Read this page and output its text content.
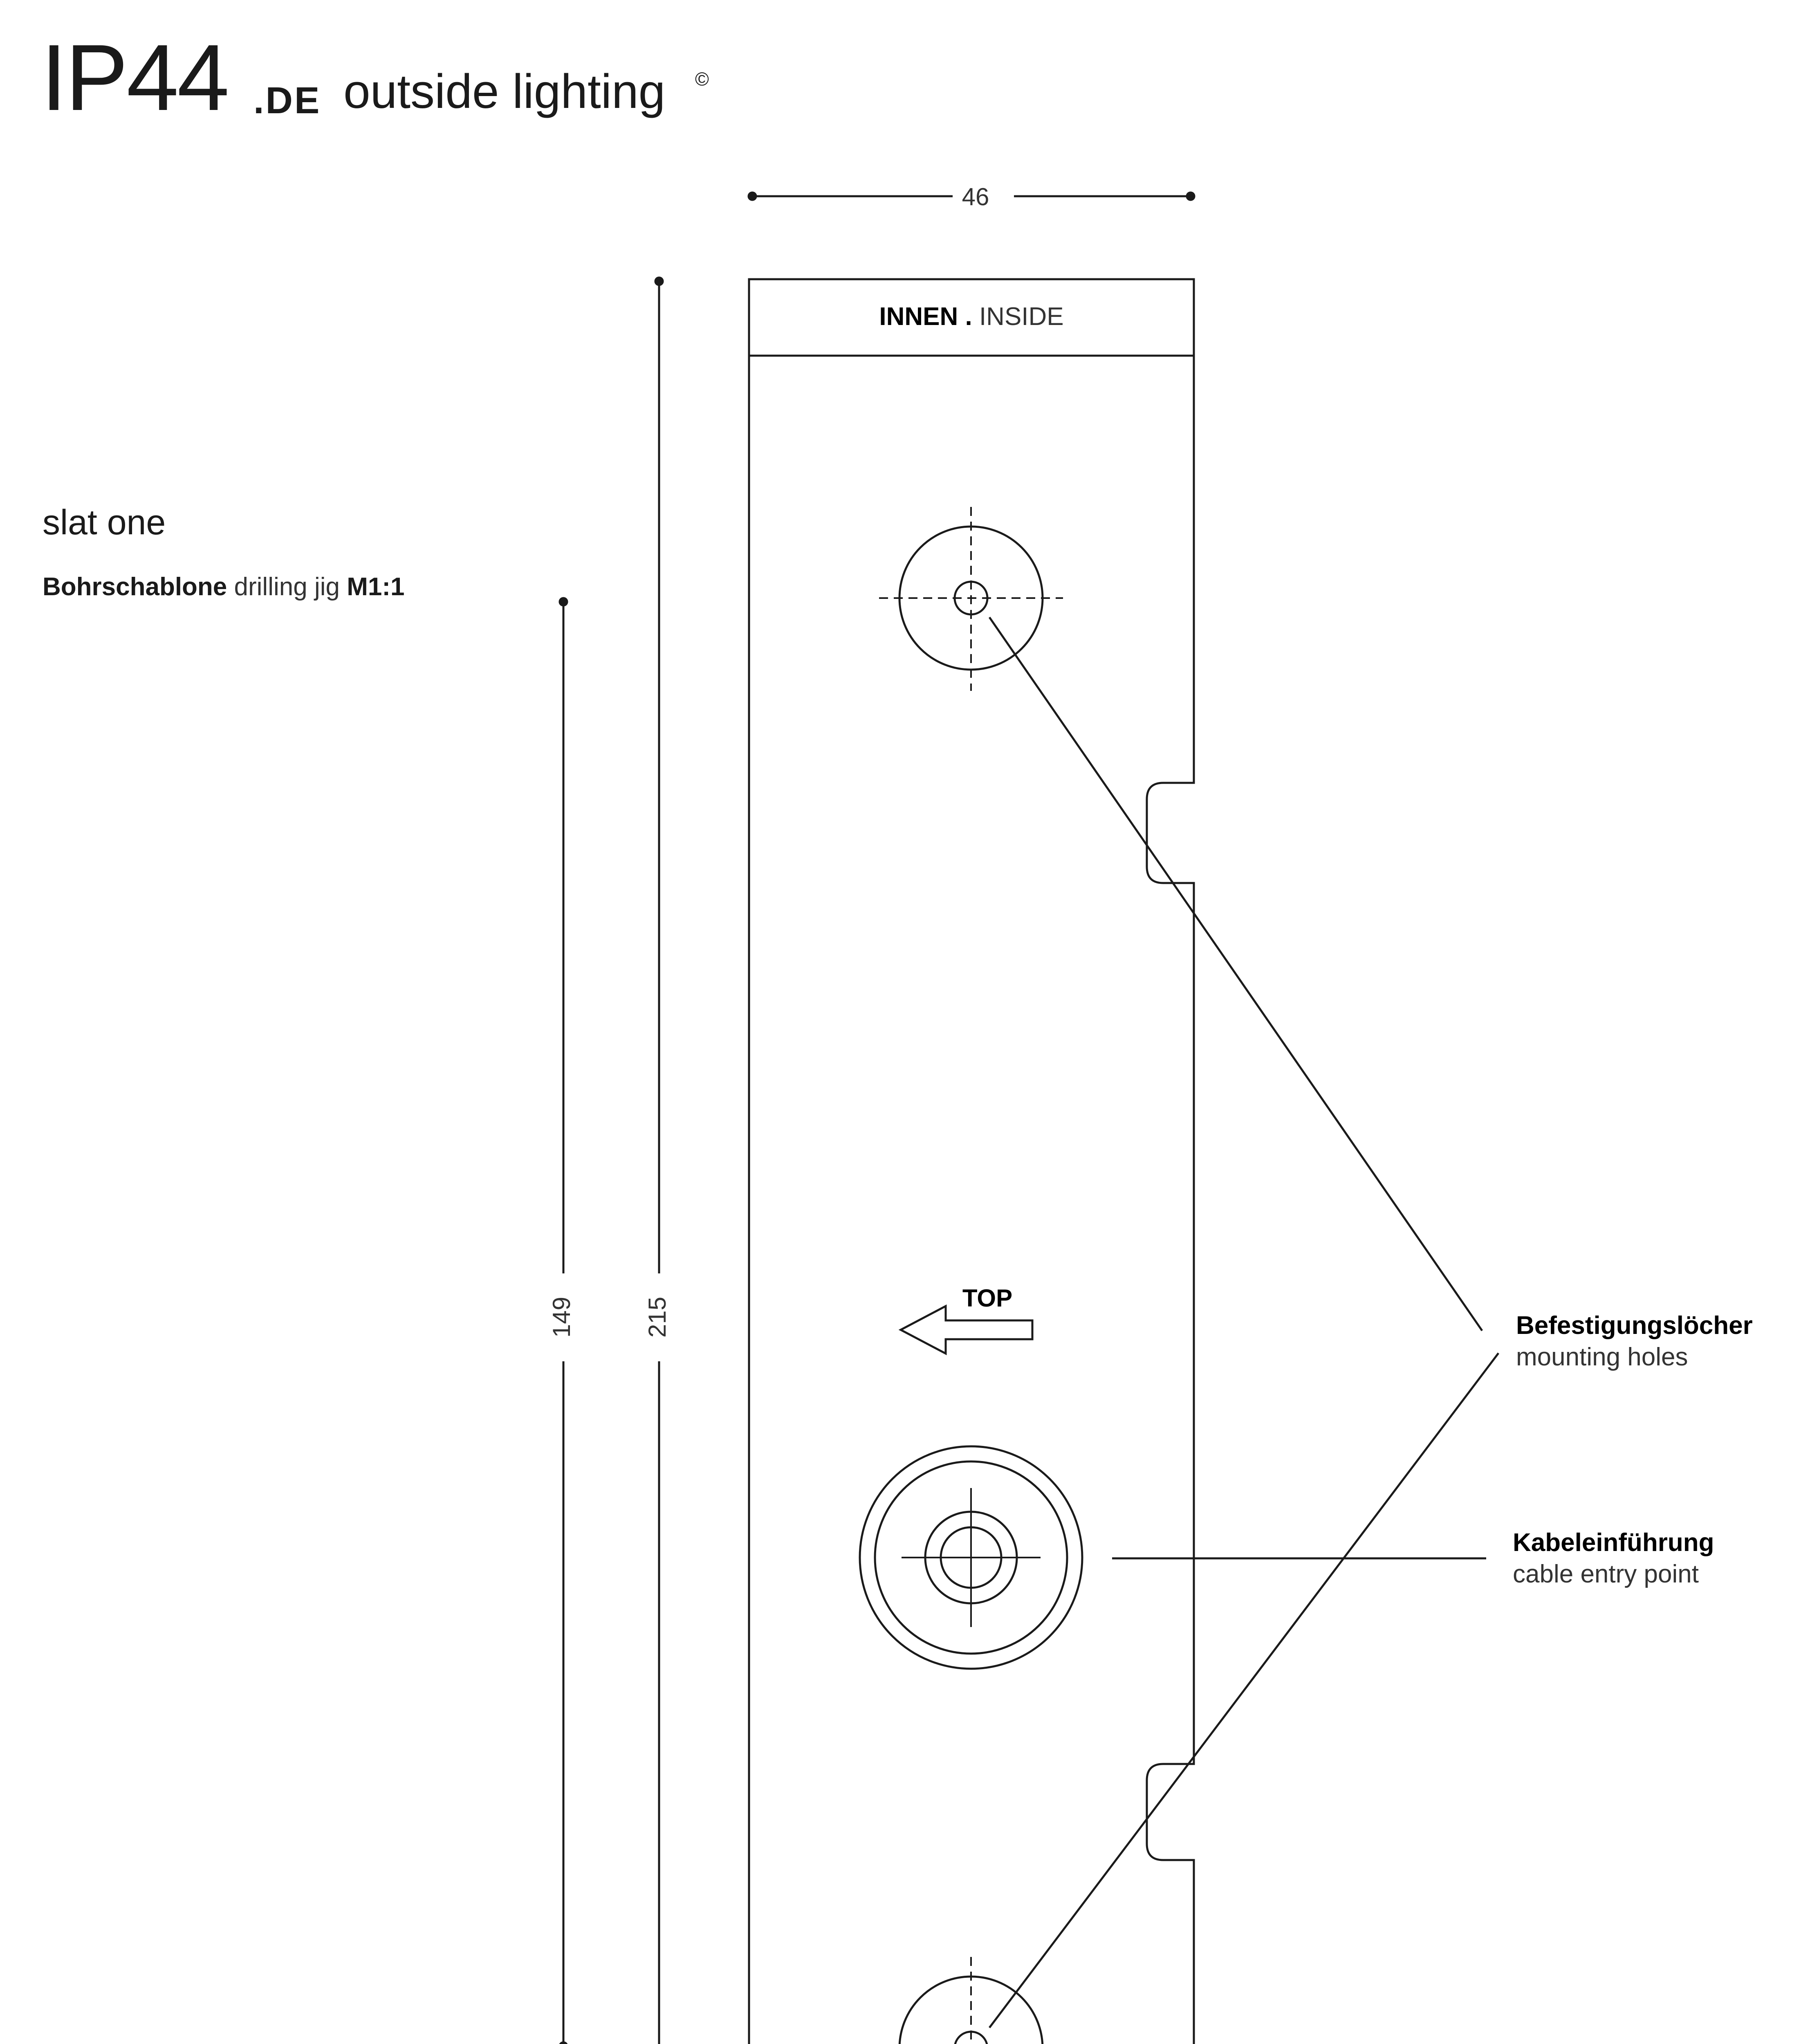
IP44 .DE outside lighting ©
slat one
Bohrschablone drilling jig M1:1
46
215
149
INNEN . INSIDE
TOP
Befestigungslöcher
mounting holes
Kabeleinführung
cable entry point
